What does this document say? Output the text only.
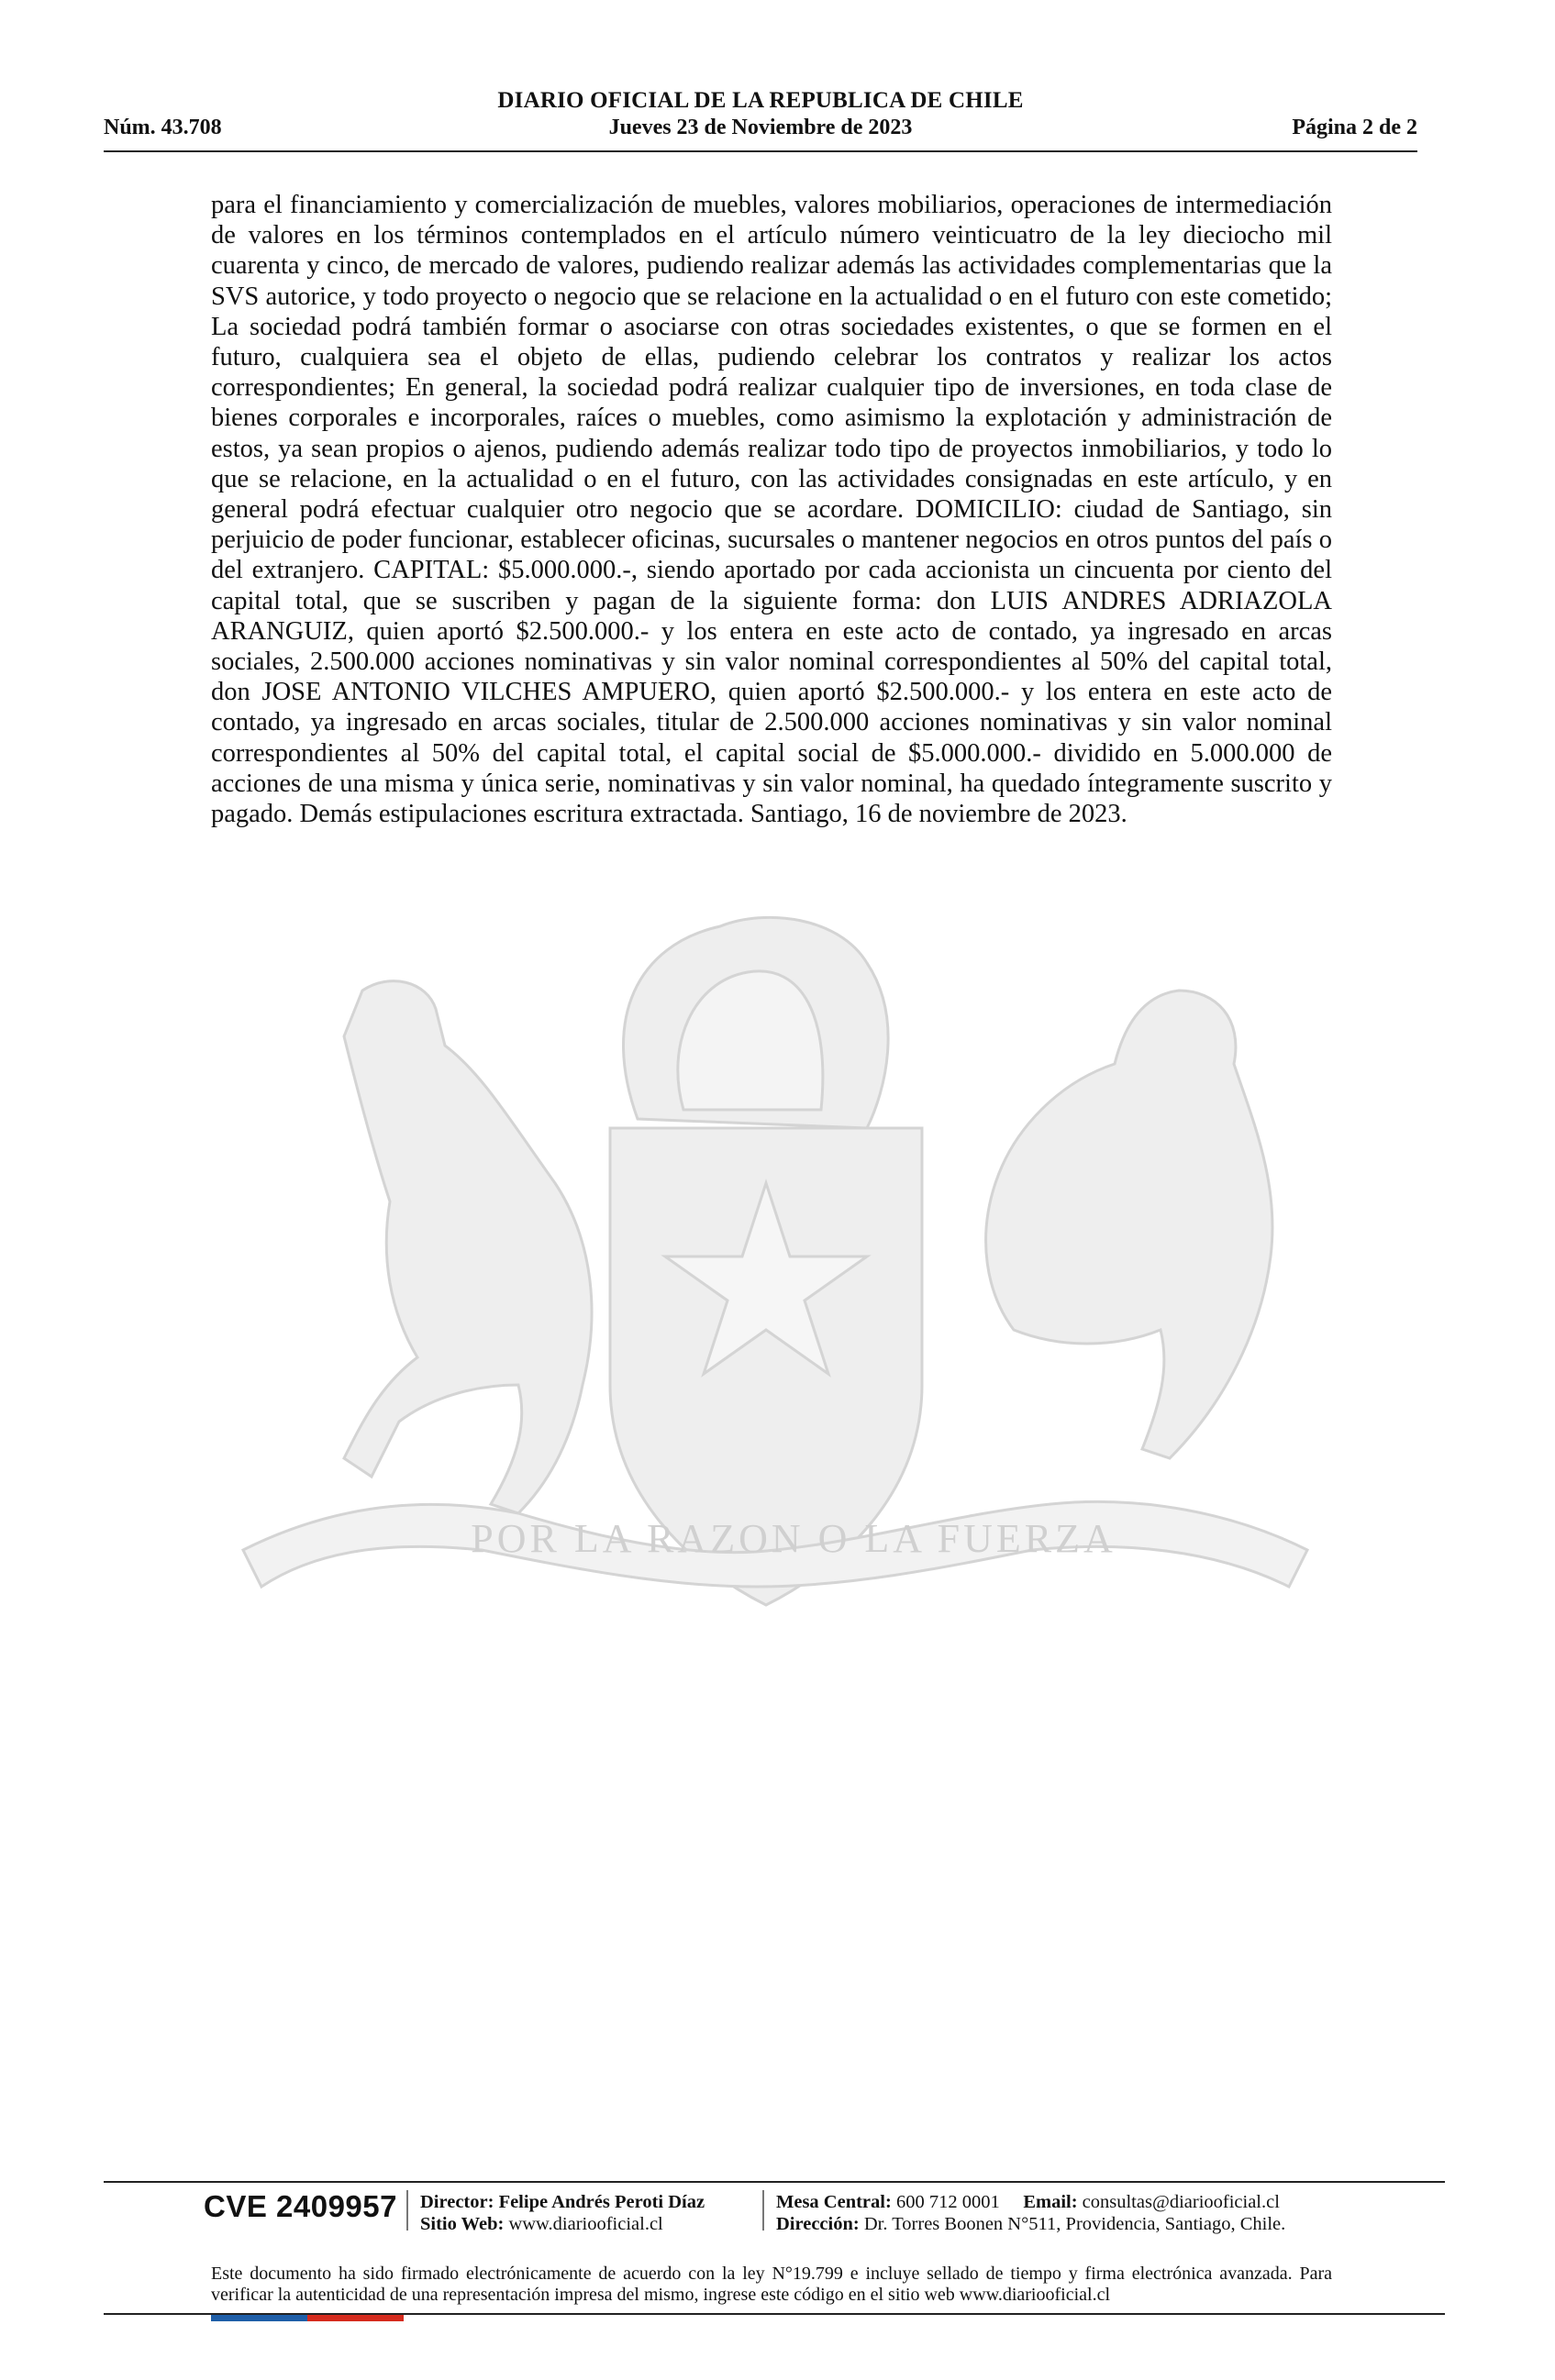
DIARIO OFICIAL DE LA REPUBLICA DE CHILE
Núm. 43.708	Jueves 23 de Noviembre de 2023	Página 2 de 2
para el financiamiento y comercialización de muebles, valores mobiliarios, operaciones de intermediación de valores en los términos contemplados en el artículo número veinticuatro de la ley dieciocho mil cuarenta y cinco, de mercado de valores, pudiendo realizar además las actividades complementarias que la SVS autorice, y todo proyecto o negocio que se relacione en la actualidad o en el futuro con este cometido; La sociedad podrá también formar o asociarse con otras sociedades existentes, o que se formen en el futuro, cualquiera sea el objeto de ellas, pudiendo celebrar los contratos y realizar los actos correspondientes; En general, la sociedad podrá realizar cualquier tipo de inversiones, en toda clase de bienes corporales e incorporales, raíces o muebles, como asimismo la explotación y administración de estos, ya sean propios o ajenos, pudiendo además realizar todo tipo de proyectos inmobiliarios, y todo lo que se relacione, en la actualidad o en el futuro, con las actividades consignadas en este artículo, y en general podrá efectuar cualquier otro negocio que se acordare. DOMICILIO: ciudad de Santiago, sin perjuicio de poder funcionar, establecer oficinas, sucursales o mantener negocios en otros puntos del país o del extranjero. CAPITAL: $5.000.000.-, siendo aportado por cada accionista un cincuenta por ciento del capital total, que se suscriben y pagan de la siguiente forma: don LUIS ANDRES ADRIAZOLA ARANGUIZ, quien aportó $2.500.000.- y los entera en este acto de contado, ya ingresado en arcas sociales, 2.500.000 acciones nominativas y sin valor nominal correspondientes al 50% del capital total, don JOSE ANTONIO VILCHES AMPUERO, quien aportó $2.500.000.- y los entera en este acto de contado, ya ingresado en arcas sociales, titular de 2.500.000 acciones nominativas y sin valor nominal correspondientes al 50% del capital total, el capital social de $5.000.000.- dividido en 5.000.000 de acciones de una misma y única serie, nominativas y sin valor nominal, ha quedado íntegramente suscrito y pagado. Demás estipulaciones escritura extractada. Santiago, 16 de noviembre de 2023.
POR LA RAZON O LA FUERZA
CVE 2409957 Director: Felipe Andrés Peroti Díaz
Sitio Web: www.diariooficial.cl
Mesa Central: 600 712 0001 Email: consultas@diariooficial.cl
Dirección: Dr. Torres Boonen N°511, Providencia, Santiago, Chile.
Este documento ha sido firmado electrónicamente de acuerdo con la ley N°19.799 e incluye sellado de tiempo y firma electrónica avanzada. Para verificar la autenticidad de una representación impresa del mismo, ingrese este código en el sitio web www.diariooficial.cl
